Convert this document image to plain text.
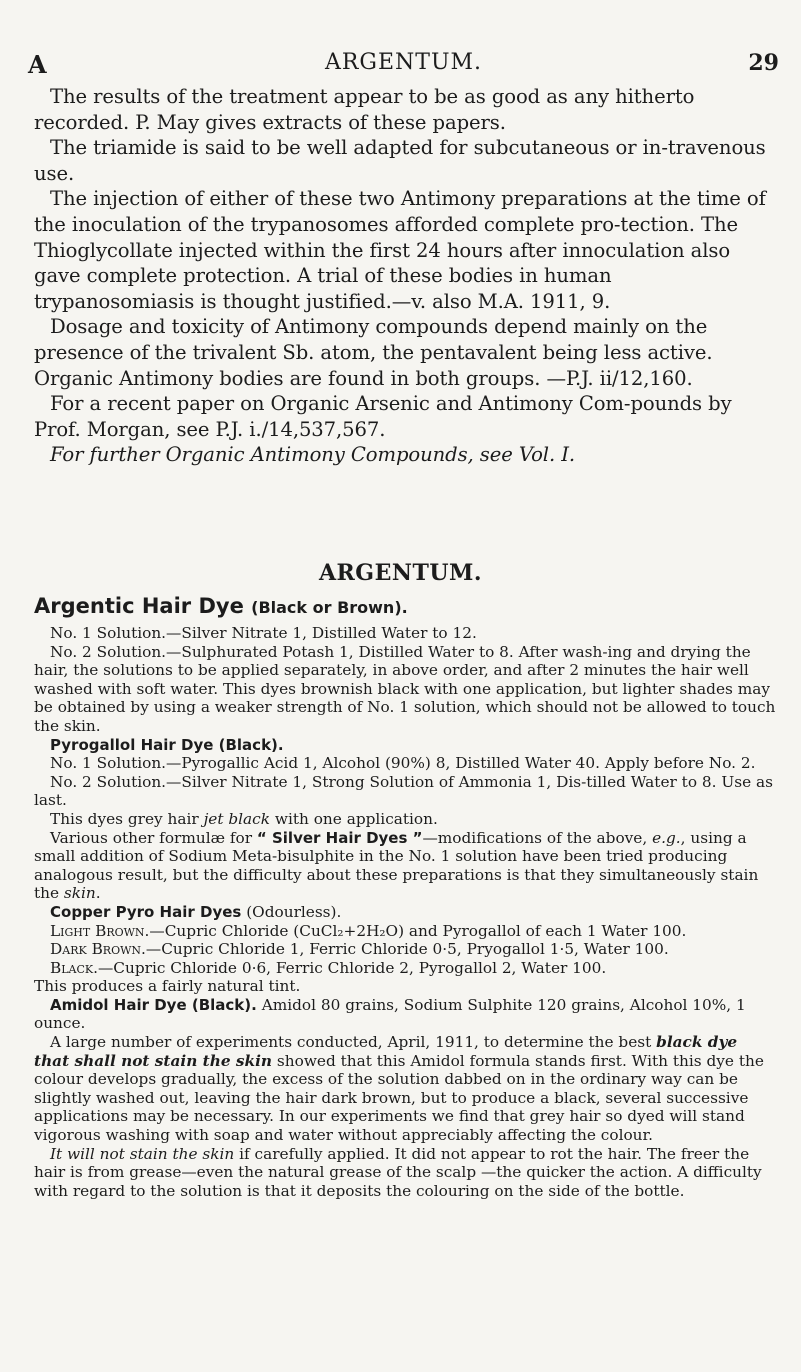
A	ARGENTUM.	29

The results of the treatment appear to be as good as any hitherto recorded. P. May gives extracts of these papers.

The triamide is said to be well adapted for subcutaneous or in-travenous use.

The injection of either of these two Antimony preparations at the time of the inoculation of the trypanosomes afforded complete pro-tection. The Thioglycollate injected within the first 24 hours after innoculation also gave complete protection. A trial of these bodies in human trypanosomiasis is thought justified.—v. also M.A. 1911, 9.

Dosage and toxicity of Antimony compounds depend mainly on the presence of the trivalent Sb. atom, the pentavalent being less active. Organic Antimony bodies are found in both groups. —P.J. ii/12,160.

For a recent paper on Organic Arsenic and Antimony Com-pounds by Prof. Morgan, see P.J. i./14,537,567.

For further Organic Antimony Compounds, see Vol. I.

ARGENTUM.
Argentic Hair Dye (Black or Brown).

No. 1 Solution.—Silver Nitrate 1, Distilled Water to 12.

No. 2 Solution.—Sulphurated Potash 1, Distilled Water to 8. After wash-ing and drying the hair, the solutions to be applied separately, in above order, and after 2 minutes the hair well washed with soft water. This dyes brownish black with one application, but lighter shades may be obtained by using a weaker strength of No. 1 solution, which should not be allowed to touch the skin.

Pyrogallol Hair Dye (Black).

No. 1 Solution.—Pyrogallic Acid 1, Alcohol (90%) 8, Distilled Water 40. Apply before No. 2.

No. 2 Solution.—Silver Nitrate 1, Strong Solution of Ammonia 1, Dis-tilled Water to 8. Use as last.

This dyes grey hair jet black with one application.

Various other formulæ for “ Silver Hair Dyes ”—modifications of the above, e.g., using a small addition of Sodium Meta-bisulphite in the No. 1 solution have been tried producing analogous result, but the difficulty about these preparations is that they simultaneously stain the skin.

Copper Pyro Hair Dyes (Odourless).

Light Brown.—Cupric Chloride (CuCl₂+2H₂O) and Pyrogallol of each 1 Water 100.

Dark Brown.—Cupric Chloride 1, Ferric Chloride 0·5, Pryogallol 1·5, Water 100.

Black.—Cupric Chloride 0·6, Ferric Chloride 2, Pyrogallol 2, Water 100.

This produces a fairly natural tint.

Amidol Hair Dye (Black). Amidol 80 grains, Sodium Sulphite 120 grains, Alcohol 10%, 1 ounce.

A large number of experiments conducted, April, 1911, to determine the best black dye that shall not stain the skin showed that this Amidol formula stands first. With this dye the colour develops gradually, the excess of the solution dabbed on in the ordinary way can be slightly washed out, leaving the hair dark brown, but to produce a black, several successive applications may be necessary. In our experiments we find that grey hair so dyed will stand vigorous washing with soap and water without appreciably affecting the colour.

It will not stain the skin if carefully applied. It did not appear to rot the hair. The freer the hair is from grease—even the natural grease of the scalp —the quicker the action. A difficulty with regard to the solution is that it deposits the colouring on the side of the bottle.
